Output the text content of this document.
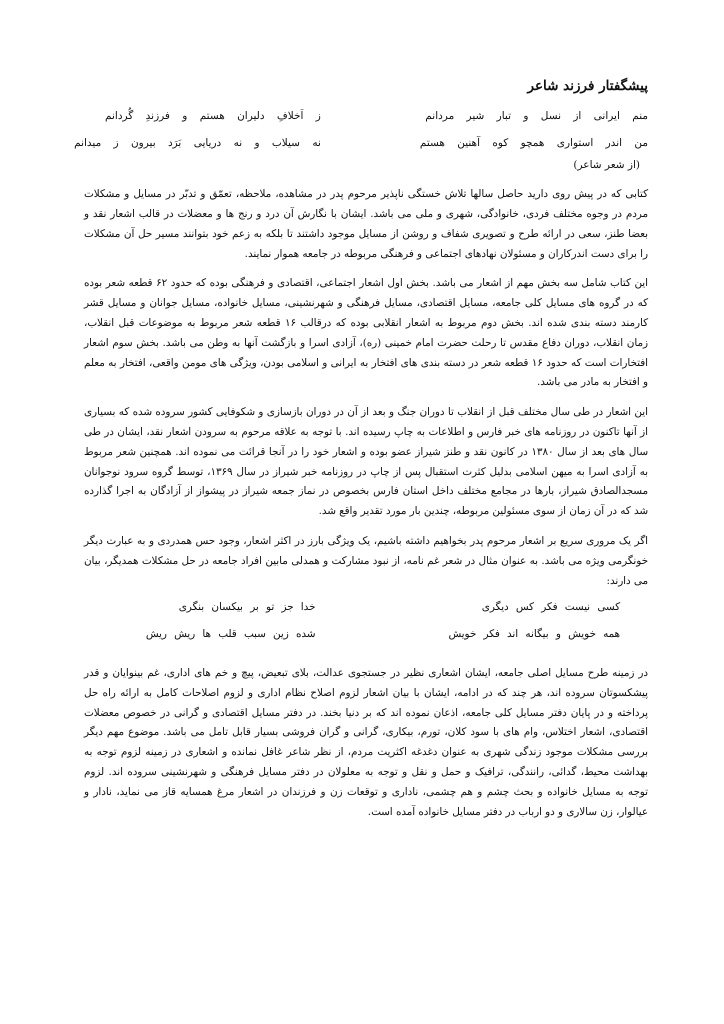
پیشگفتار فرزند شاعر
منم ایرانی از نسل و تبار شیر مردانم
ز اَخلافِ دلیران هستم و فرزندِ گُردانم
من اندر استواری همچو کوه آهنین هستم
نه سیلاب و نه دریایی بَرَد بیرون ز میدانم
(از شعر شاعر)

کتابی که در پیش روی دارید حاصل سالها تلاش خستگی ناپذیر مرحوم پدر در مشاهده، ملاحظه، تعمّق و تدبّر در مسایل و مشکلات مردم در وجوه مختلف فردی، خانوادگی، شهری و ملی می باشد. ایشان با نگارش آن درد و رنج ها و معضلات در قالب اشعار نقد و بعضا طنز، سعی در ارائه طرح و تصویری شفاف و روشن از مسایل موجود داشتند تا بلکه به زعم خود بتوانند مسیر حل آن مشکلات را برای دست اندرکاران و مسئولان نهادهای اجتماعی و فرهنگی مربوطه در جامعه هموار نمایند.

این کتاب شامل سه بخش مهم از اشعار می باشد. بخش اول اشعار اجتماعی، اقتصادی و فرهنگی بوده که حدود ۶۲ قطعه شعر بوده که در گروه های مسایل کلی جامعه، مسایل اقتصادی، مسایل فرهنگی و شهرنشینی، مسایل خانواده، مسایل جوانان و مسایل قشر کارمند دسته بندی شده اند. بخش دوم مربوط به اشعار انقلابی بوده که درقالب ۱۶ قطعه شعر مربوط به موضوعات قبل انقلاب، زمان انقلاب، دوران دفاع مقدس تا رحلت حضرت امام خمینی (ره)، آزادی اسرا و بازگشت آنها به وطن می باشد. بخش سوم اشعار افتخارات است که حدود ۱۶ قطعه شعر در دسته بندی های افتخار به ایرانی و اسلامی بودن، ویژگی های مومن واقعی، افتخار به معلم و افتخار به مادر می باشد.

این اشعار در طی سال مختلف قبل از انقلاب تا دوران جنگ و بعد از آن در دوران بازسازی و شکوفایی کشور سروده شده که بسیاری از آنها تاکنون در روزنامه های خبر فارس و اطلاعات به چاپ رسیده اند. با توجه به علاقه مرحوم به سرودن اشعار نقد، ایشان در طی سال های بعد از سال ۱۳۸۰ در کانون نقد و طنز شیراز عضو بوده و اشعار خود را در آنجا قرائت می نموده اند. همچنین شعر مربوط به آزادی اسرا به میهن اسلامی بدلیل کثرت استقبال پس از چاپ در روزنامه خبر شیراز در سال ۱۳۶۹، توسط گروه سرود نوجوانان مسجدالصادق شیراز، بارها در مجامع مختلف داخل استان فارس بخصوص در نماز جمعه شیراز در پیشواز از آزادگان به اجرا گذارده شد که در آن زمان از سوی مسئولین مربوطه، چندین بار مورد تقدیر واقع شد.

اگر یک مروری سریع بر اشعار مرحوم پدر بخواهیم داشته باشیم، یک ویژگی بارز در اکثر اشعار، وجود حس همدردی و به عبارت دیگر خونگرمی ویژه می باشد. به عنوان مثال در شعر غم نامه، از نبود مشارکت و همدلی مابین افراد جامعه در حل مشکلات همدیگر، بیان می دارند:

کسی نیست فکر کس دیگری
خدا جز تو بر بیکسان بنگری
همه خویش و بیگانه اند فکر خویش
شده زین سبب قلب ها ریش ریش

در زمینه طرح مسایل اصلی جامعه، ایشان اشعاری نظیر در جستجوی عدالت، بلای تبعیض، پیچ و خم های اداری، غم بینوایان و قدر پیشکسوتان سروده اند، هر چند که در ادامه، ایشان با بیان اشعار لزوم اصلاح نظام اداری و لزوم اصلاحات کامل به ارائه راه حل پرداخته و در پایان دفتر مسایل کلی جامعه، اذعان نموده اند که بر دنیا بخند. در دفتر مسایل اقتصادی و گرانی در خصوص معضلات اقتصادی، اشعار اختلاس، وام های با سود کلان، تورم، بیکاری، گرانی و گران فروشی بسیار قابل تامل می باشد. موضوع مهم دیگر بررسی مشکلات موجود زندگی شهری به عنوان دغدغه اکثریت مردم، از نظر شاعر غافل نمانده و اشعاری در زمینه لزوم توجه به بهداشت محیط، گدائی، رانندگی، ترافیک و حمل و نقل و توجه به معلولان در دفتر مسایل فرهنگی و شهرنشینی سروده اند. لزوم توجه به مسایل خانواده و بحث چشم و هم چشمی، ناداری و توقعات زن و فرزندان در اشعار مرغ همسایه قاز می نماید، نادار و عیالوار، زن سالاری و دو ارباب در دفتر مسایل خانواده آمده است.
